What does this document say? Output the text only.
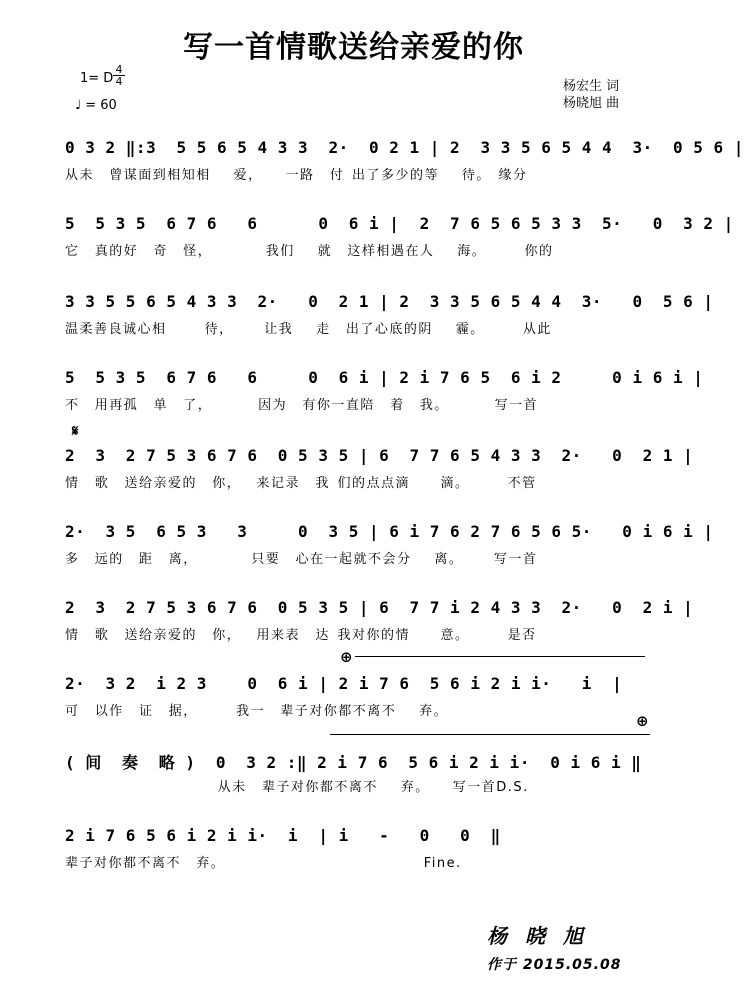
写一首情歌送给亲爱的你
1= D
4
4
♩ = 60
杨宏生 词
杨晓旭 曲
0 3 2 ‖:3  5 5 6 5 4 3 3  2·  0 2 1 | 2  3 3 5 6 5 4 4  3·  0 5 6 |
从未  曾谋面到相知相   爱，   一路  付 出了多少的等   待。 缘分
5  5 3 5  6 7 6   6      0  6 i |  2  7 6 5 6 5 3 3  5·   0  3 2 |
它  真的好  奇  怪，       我们   就  这样相遇在人   海。     你的
3 3 5 5 6 5 4 3 3  2·   0  2 1 | 2  3 3 5 6 5 4 4  3·   0  5 6 |
温柔善良诚心相     待，    让我   走  出了心底的阴   霾。     从此
5  5 3 5  6 7 6   6     0  6 i | 2 i 7 6 5  6 i 2     0 i 6 i |
不  用再孤  单  了，      因为  有你一直陪  着  我。      写一首
𝄋
2  3  2 7 5 3 6 7 6  0 5 3 5 | 6  7 7 6 5 4 3 3  2·   0  2 1 |
情  歌  送给亲爱的  你，  来记录  我 们的点点滴    滴。     不管
2·  3 5  6 5 3   3     0  3 5 | 6 i 7 6 2 7 6 5 6 5·   0 i 6 i |
多  远的  距  离，       只要  心在一起就不会分   离。    写一首
2  3  2 7 5 3 6 7 6  0 5 3 5 | 6  7 7 i 2 4 3 3  2·   0  2 i |
情  歌  送给亲爱的  你，  用来表  达 我对你的情    意。     是否
⊕
2·  3 2  i 2 3    0  6 i | 2 i 7 6  5 6 i 2 i i·   i  |
可  以作  证  据，     我一  辈子对你都不离不   弃。
⊕
( 间  奏  略 )  0  3 2 :‖ 2 i 7 6  5 6 i 2 i i·  0 i 6 i ‖
从未  辈子对你都不离不   弃。   写一首D.S.
2 i 7 6 5 6 i 2 i i·  i  | i   -   0   0  ‖
辈子对你都不离不  弃。                          Fine.
杨晓旭
作于 2015.05.08
